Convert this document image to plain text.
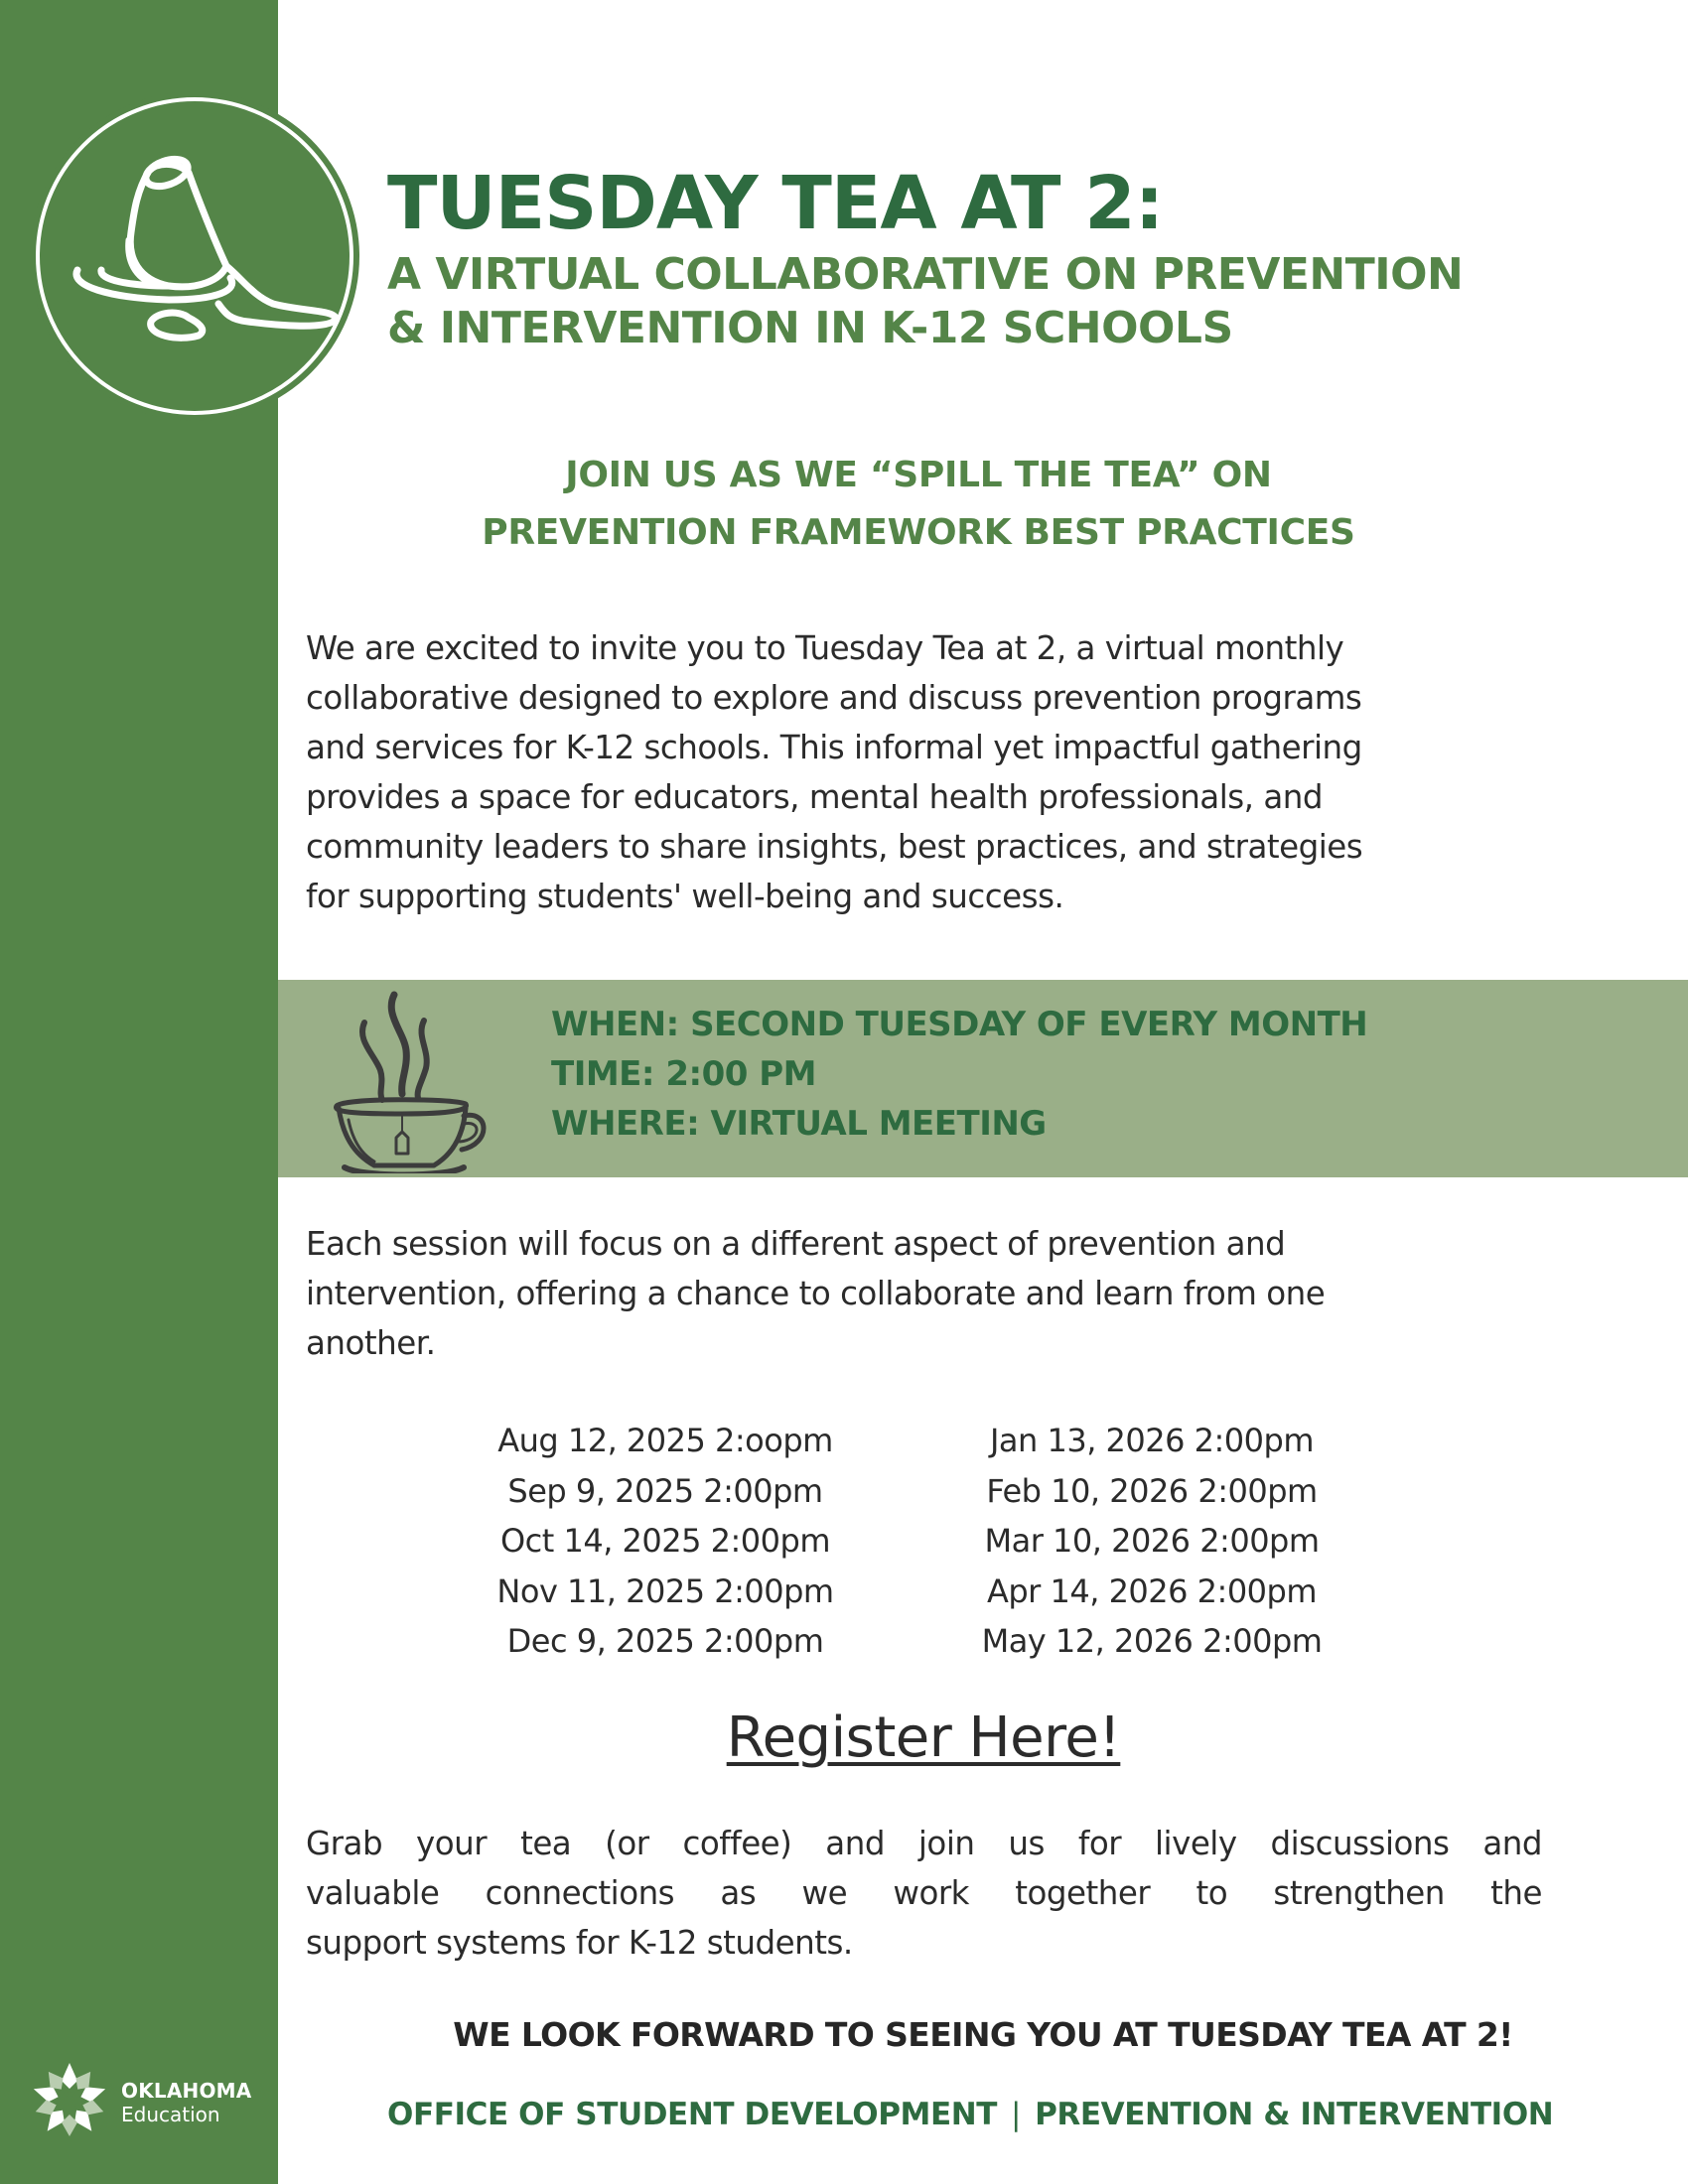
TUESDAY TEA AT 2:
A VIRTUAL COLLABORATIVE ON PREVENTION
& INTERVENTION IN K-12 SCHOOLS
JOIN US AS WE “SPILL THE TEA” ON
PREVENTION FRAMEWORK BEST PRACTICES
We are excited to invite you to Tuesday Tea at 2, a virtual monthly
collaborative designed to explore and discuss prevention programs
and services for K-12 schools. This informal yet impactful gathering
provides a space for educators, mental health professionals, and
community leaders to share insights, best practices, and strategies
for supporting students' well-being and success.
WHEN: SECOND TUESDAY OF EVERY MONTH
TIME: 2:00 PM
WHERE: VIRTUAL MEETING
Each session will focus on a different aspect of prevention and
intervention, offering a chance to collaborate and learn from one
another.
Aug 12, 2025 2:oopm
Sep 9, 2025 2:00pm
Oct 14, 2025 2:00pm
Nov 11, 2025 2:00pm
Dec 9, 2025 2:00pm
Jan 13, 2026 2:00pm
Feb 10, 2026 2:00pm
Mar 10, 2026 2:00pm
Apr 14, 2026 2:00pm
May 12, 2026 2:00pm
Register Here!
Grab your tea (or coffee) and join us for lively discussions and
valuable connections as we work together to strengthen the
support systems for K-12 students.
WE LOOK FORWARD TO SEEING YOU AT TUESDAY TEA AT 2!
OFFICE OF STUDENT DEVELOPMENT | PREVENTION & INTERVENTION
OKLAHOMA
Education
